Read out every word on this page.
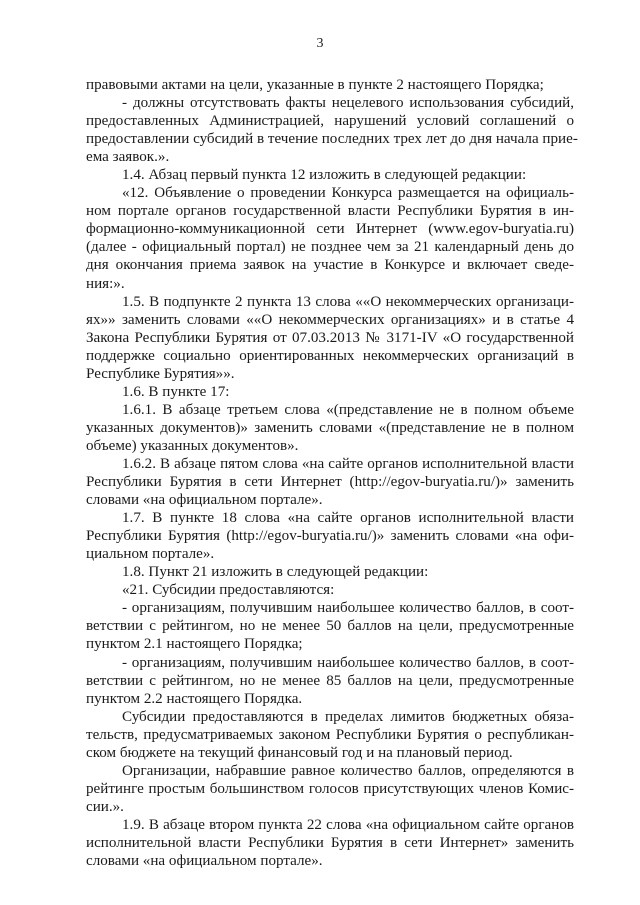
3
правовыми актами на цели, указанные в пункте 2 настоящего Порядка;
- должны отсутствовать факты нецелевого использования субсидий,
предоставленных Администрацией, нарушений условий соглашений о
предоставлении субсидий в течение последних трех лет до дня начала прие-
ема заявок.».
1.4. Абзац первый пункта 12 изложить в следующей редакции:
«12. Объявление о проведении Конкурса размещается на официаль-
ном портале органов государственной власти Республики Бурятия в ин-
формационно-коммуникационной сети Интернет (www.egov-buryatia.ru)
(далее - официальный портал) не позднее чем за 21 календарный день до
дня окончания приема заявок на участие в Конкурсе и включает сведе-
ния:».
1.5. В подпункте 2 пункта 13 слова ««О некоммерческих организаци-
ях»» заменить словами ««О некоммерческих организациях» и в статье 4
Закона Республики Бурятия от 07.03.2013 № 3171-IV «О государственной
поддержке социально ориентированных некоммерческих организаций в
Республике Бурятия»».
1.6. В пункте 17:
1.6.1. В абзаце третьем слова «(представление не в полном объеме
указанных документов)» заменить словами «(представление не в полном
объеме) указанных документов».
1.6.2. В абзаце пятом слова «на сайте органов исполнительной власти
Республики Бурятия в сети Интернет (http://egov-buryatia.ru/)» заменить
словами «на официальном портале».
1.7. В пункте 18 слова «на сайте органов исполнительной власти
Республики Бурятия (http://egov-buryatia.ru/)» заменить словами «на офи-
циальном портале».
1.8. Пункт 21 изложить в следующей редакции:
«21. Субсидии предоставляются:
- организациям, получившим наибольшее количество баллов, в соот-
ветствии с рейтингом, но не менее 50 баллов на цели, предусмотренные
пунктом 2.1 настоящего Порядка;
- организациям, получившим наибольшее количество баллов, в соот-
ветствии с рейтингом, но не менее 85 баллов на цели, предусмотренные
пунктом 2.2 настоящего Порядка.
Субсидии предоставляются в пределах лимитов бюджетных обяза-
тельств, предусматриваемых законом Республики Бурятия о республикан-
ском бюджете на текущий финансовый год и на плановый период.
Организации, набравшие равное количество баллов, определяются в
рейтинге простым большинством голосов присутствующих членов Комис-
сии.».
1.9. В абзаце втором пункта 22 слова «на официальном сайте органов
исполнительной власти Республики Бурятия в сети Интернет» заменить
словами «на официальном портале».
